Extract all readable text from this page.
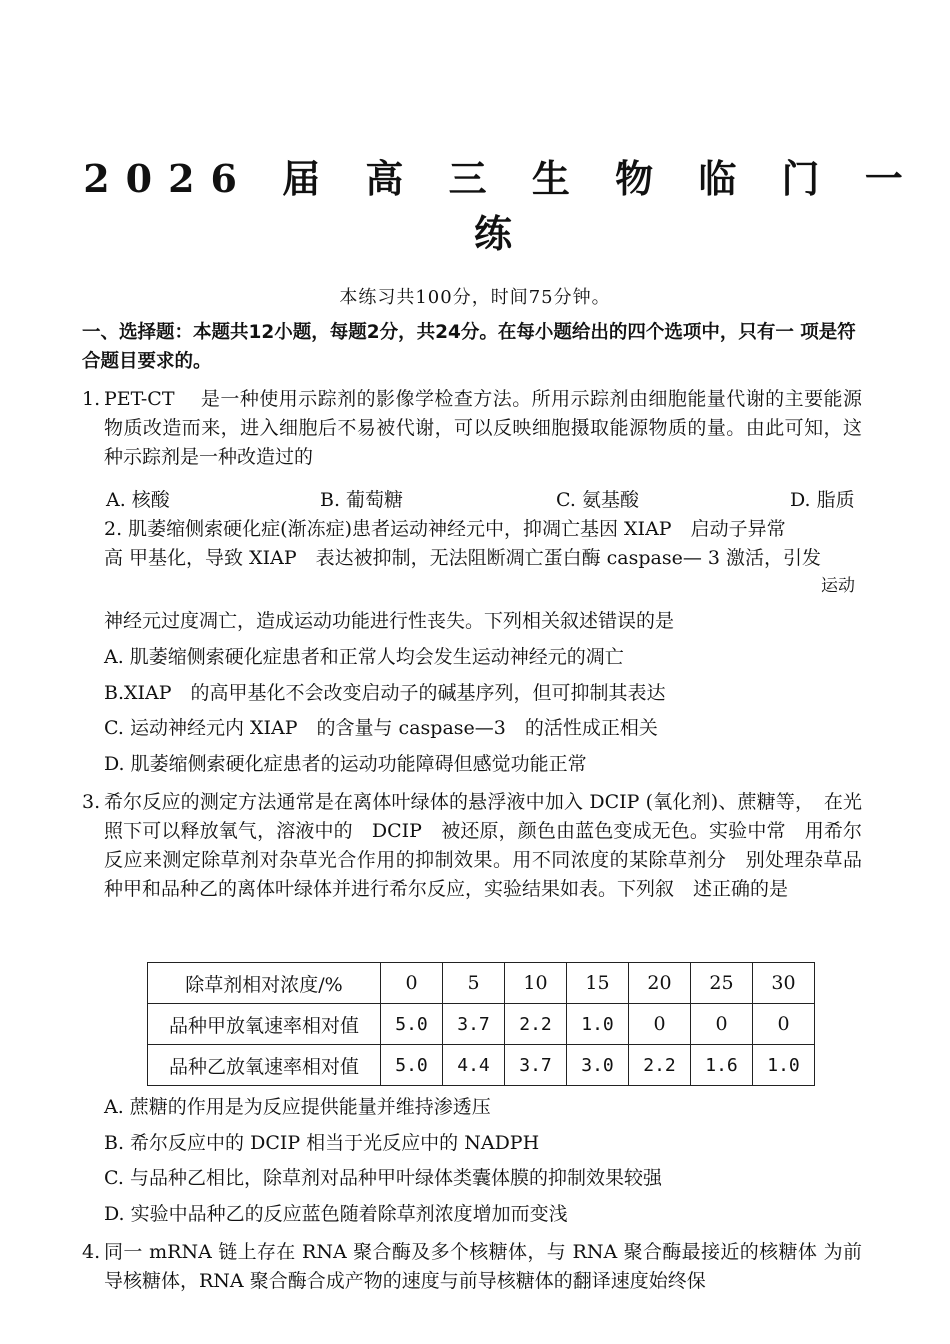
2026 届 高 三 生 物 临 门 一 练
本练习共100分，时间75分钟。
一、选择题：本题共12小题，每题2分，共24分。在每小题给出的四个选项中，只有一 项是符合题目要求的。
1. PET-CT　 是一种使用示踪剂的影像学检查方法。所用示踪剂由细胞能量代谢的主要能源物质改造而来，进入细胞后不易被代谢，可以反映细胞摄取能源物质的量。由此可知，这种示踪剂是一种改造过的
A. 核酸	B. 葡萄糖	C. 氨基酸	D. 脂质
2. 肌萎缩侧索硬化症(渐冻症)患者运动神经元中，抑凋亡基因 XIAP　启动子异常
高 甲基化，导致 XIAP　表达被抑制，无法阻断凋亡蛋白酶 caspase— 3 激活，引发
运动
神经元过度凋亡，造成运动功能进行性丧失。下列相关叙述错误的是
A. 肌萎缩侧索硬化症患者和正常人均会发生运动神经元的凋亡
B.XIAP　的高甲基化不会改变启动子的碱基序列，但可抑制其表达
C. 运动神经元内 XIAP　的含量与 caspase—3　的活性成正相关
D. 肌萎缩侧索硬化症患者的运动功能障碍但感觉功能正常
3. 希尔反应的测定方法通常是在离体叶绿体的悬浮液中加入 DCIP (氧化剂)、蔗糖等，　在光照下可以释放氧气，溶液中的　DCIP　被还原，颜色由蓝色变成无色。实验中常　用希尔反应来测定除草剂对杂草光合作用的抑制效果。用不同浓度的某除草剂分　别处理杂草品种甲和品种乙的离体叶绿体并进行希尔反应，实验结果如表。下列叙　述正确的是
除草剂相对浓度/%	0	5	10	15	20	25	30
品种甲放氧速率相对值	5.0	3.7	2.2	1.0	0	0	0
品种乙放氧速率相对值	5.0	4.4	3.7	3.0	2.2	1.6	1.0
A. 蔗糖的作用是为反应提供能量并维持渗透压
B. 希尔反应中的 DCIP 相当于光反应中的 NADPH
C. 与品种乙相比，除草剂对品种甲叶绿体类囊体膜的抑制效果较强
D. 实验中品种乙的反应蓝色随着除草剂浓度增加而变浅
4. 同一 mRNA 链上存在 RNA 聚合酶及多个核糖体，与 RNA 聚合酶最接近的核糖体 为前导核糖体，RNA 聚合酶合成产物的速度与前导核糖体的翻译速度始终保
